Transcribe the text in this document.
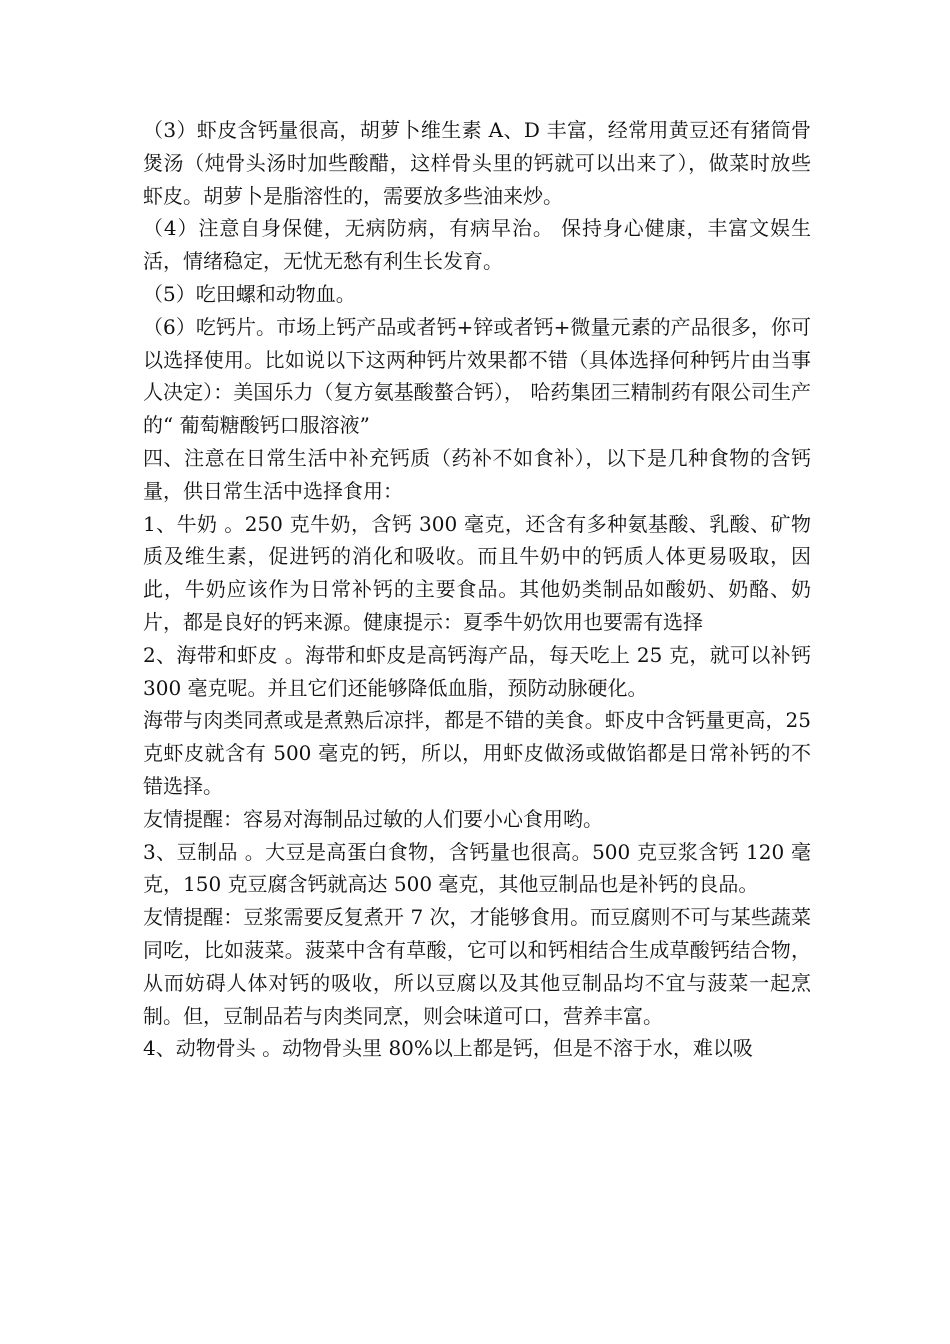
（3）虾皮含钙量很高，胡萝卜维生素 A、D 丰富，经常用黄豆还有猪筒骨煲汤（炖骨头汤时加些酸醋，这样骨头里的钙就可以出来了），做菜时放些虾皮。胡萝卜是脂溶性的，需要放多些油来炒。

（4）注意自身保健，无病防病，有病早治。 保持身心健康，丰富文娱生活，情绪稳定，无忧无愁有利生长发育。

（5）吃田螺和动物血。

（6）吃钙片。市场上钙产品或者钙+锌或者钙+微量元素的产品很多，你可以选择使用。比如说以下这两种钙片效果都不错（具体选择何种钙片由当事人决定）：美国乐力（复方氨基酸螯合钙）， 哈药集团三精制药有限公司生产的“ 葡萄糖酸钙口服溶液”

四、注意在日常生活中补充钙质（药补不如食补），以下是几种食物的含钙量，供日常生活中选择食用：

1、牛奶 。250 克牛奶，含钙 300 毫克，还含有多种氨基酸、乳酸、矿物质及维生素，促进钙的消化和吸收。而且牛奶中的钙质人体更易吸取，因此，牛奶应该作为日常补钙的主要食品。其他奶类制品如酸奶、奶酪、奶片，都是良好的钙来源。健康提示：夏季牛奶饮用也要需有选择

2、海带和虾皮 。海带和虾皮是高钙海产品，每天吃上 25 克，就可以补钙 300 毫克呢。并且它们还能够降低血脂，预防动脉硬化。

海带与肉类同煮或是煮熟后凉拌，都是不错的美食。虾皮中含钙量更高，25 克虾皮就含有 500 毫克的钙，所以，用虾皮做汤或做馅都是日常补钙的不错选择。

友情提醒：容易对海制品过敏的人们要小心食用哟。

3、豆制品 。大豆是高蛋白食物，含钙量也很高。500 克豆浆含钙 120 毫克，150 克豆腐含钙就高达 500 毫克，其他豆制品也是补钙的良品。

友情提醒：豆浆需要反复煮开 7 次，才能够食用。而豆腐则不可与某些蔬菜同吃，比如菠菜。菠菜中含有草酸，它可以和钙相结合生成草酸钙结合物，从而妨碍人体对钙的吸收，所以豆腐以及其他豆制品均不宜与菠菜一起烹制。但，豆制品若与肉类同烹，则会味道可口，营养丰富。

4、动物骨头 。动物骨头里 80%以上都是钙，但是不溶于水，难以吸
